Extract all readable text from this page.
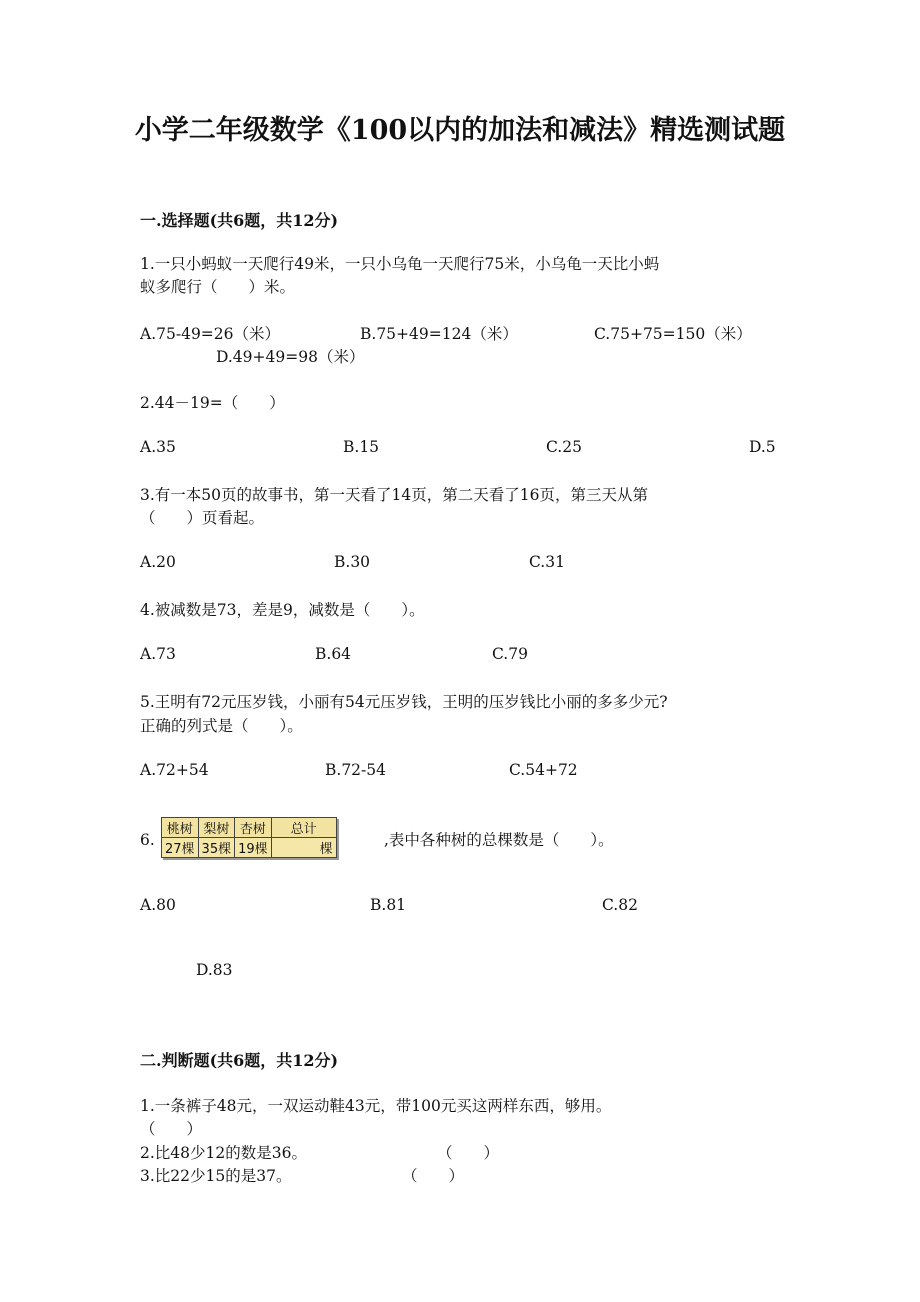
小学二年级数学《100以内的加法和减法》精选测试题
一.选择题(共6题，共12分)
1.一只小蚂蚁一天爬行49米，一只小乌龟一天爬行75米，小乌龟一天比小蚂
蚁多爬行（　　）米。
A.75-49=26（米）	B.75+49=124（米）	C.75+75=150（米）
D.49+49=98（米）
2.44－19=（　　）
A.35	B.15	C.25	D.5
3.有一本50页的故事书，第一天看了14页，第二天看了16页，第三天从第
（　　）页看起。
A.20	B.30	C.31
4.被减数是73，差是9，减数是（　　）。
A.73	B.64	C.79
5.王明有72元压岁钱，小丽有54元压岁钱，王明的压岁钱比小丽的多多少元?
正确的列式是（　　）。
A.72+54	B.72-54	C.54+72
6.
桃树	梨树	杏树	总计
27棵	35棵	19棵	棵
,表中各种树的总棵数是（　　）。
A.80	B.81	C.82
D.83
二.判断题(共6题，共12分)
1.一条裤子48元，一双运动鞋43元，带100元买这两样东西，够用。
（　　）
2.比48少12的数是36。	（　　）
3.比22少15的是37。	（　　）
